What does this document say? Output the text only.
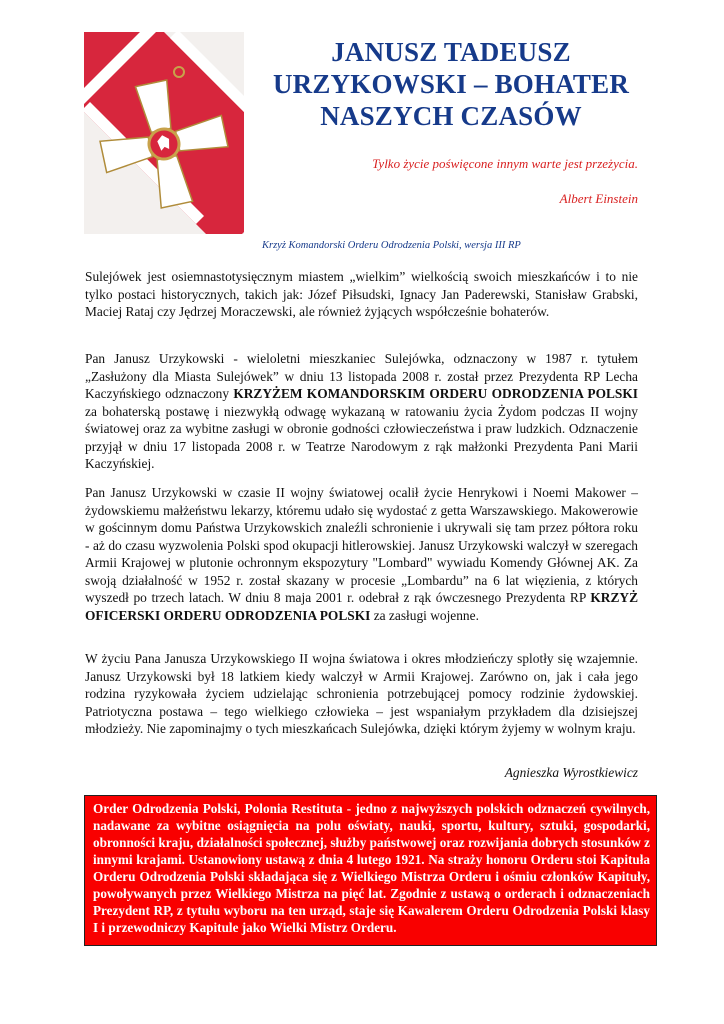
JANUSZ TADEUSZ
URZYKOWSKI – BOHATER
NASZYCH CZASÓW
Tylko życie poświęcone innym warte jest przeżycia.
Albert Einstein
Krzyż Komandorski Orderu Odrodzenia Polski, wersja III RP

Sulejówek jest osiemnastotysięcznym miastem „wielkim” wielkością swoich mieszkańców i to nie tylko postaci historycznych, takich jak: Józef Piłsudski, Ignacy Jan Paderewski, Stanisław Grabski, Maciej Rataj czy Jędrzej Moraczewski, ale również żyjących współcześnie bohaterów.

Pan Janusz Urzykowski - wieloletni mieszkaniec Sulejówka, odznaczony w 1987 r. tytułem „Zasłużony dla Miasta Sulejówek” w dniu 13 listopada 2008 r. został przez Prezydenta RP Lecha Kaczyńskiego odznaczony KRZYŻEM KOMANDORSKIM ORDERU ODRODZENIA POLSKI za bohaterską postawę i niezwykłą odwagę wykazaną w ratowaniu życia Żydom podczas II wojny światowej oraz za wybitne zasługi w obronie godności człowieczeństwa i praw ludzkich. Odznaczenie przyjął w dniu 17 listopada 2008 r. w Teatrze Narodowym z rąk małżonki Prezydenta Pani Marii Kaczyńskiej.

Pan Janusz Urzykowski w czasie II wojny światowej ocalił życie Henrykowi i Noemi Makower – żydowskiemu małżeństwu lekarzy, któremu udało się wydostać z getta Warszawskiego. Makowerowie w gościnnym domu Państwa Urzykowskich znaleźli schronienie i ukrywali się tam przez półtora roku - aż do czasu wyzwolenia Polski spod okupacji hitlerowskiej. Janusz Urzykowski walczył w szeregach Armii Krajowej w plutonie ochronnym ekspozytury "Lombard" wywiadu Komendy Głównej AK. Za swoją działalność w 1952 r. został skazany w procesie „Lombardu” na 6 lat więzienia, z których wyszedł po trzech latach. W dniu 8 maja 2001 r. odebrał z rąk ówczesnego Prezydenta RP KRZYŻ OFICERSKI ORDERU ODRODZENIA POLSKI za zasługi wojenne.

W życiu Pana Janusza Urzykowskiego II wojna światowa i okres młodzieńczy splotły się wzajemnie. Janusz Urzykowski był 18 latkiem kiedy walczył w Armii Krajowej. Zarówno on, jak i cała jego rodzina ryzykowała życiem udzielając schronienia potrzebującej pomocy rodzinie żydowskiej. Patriotyczna postawa – tego wielkiego człowieka – jest wspaniałym przykładem dla dzisiejszej młodzieży. Nie zapominajmy o tych mieszkańcach Sulejówka, dzięki którym żyjemy w wolnym kraju.

Agnieszka Wyrostkiewicz

Order Odrodzenia Polski, Polonia Restituta - jedno z najwyższych polskich odznaczeń cywilnych, nadawane za wybitne osiągnięcia na polu oświaty, nauki, sportu, kultury, sztuki, gospodarki, obronności kraju, działalności społecznej, służby państwowej oraz rozwijania dobrych stosunków z innymi krajami. Ustanowiony ustawą z dnia 4 lutego 1921. Na straży honoru Orderu stoi Kapituła Orderu Odrodzenia Polski składająca się z Wielkiego Mistrza Orderu i ośmiu członków Kapituły, powoływanych przez Wielkiego Mistrza na pięć lat. Zgodnie z ustawą o orderach i odznaczeniach Prezydent RP, z tytułu wyboru na ten urząd, staje się Kawalerem Orderu Odrodzenia Polski klasy I i przewodniczy Kapitule jako Wielki Mistrz Orderu.
